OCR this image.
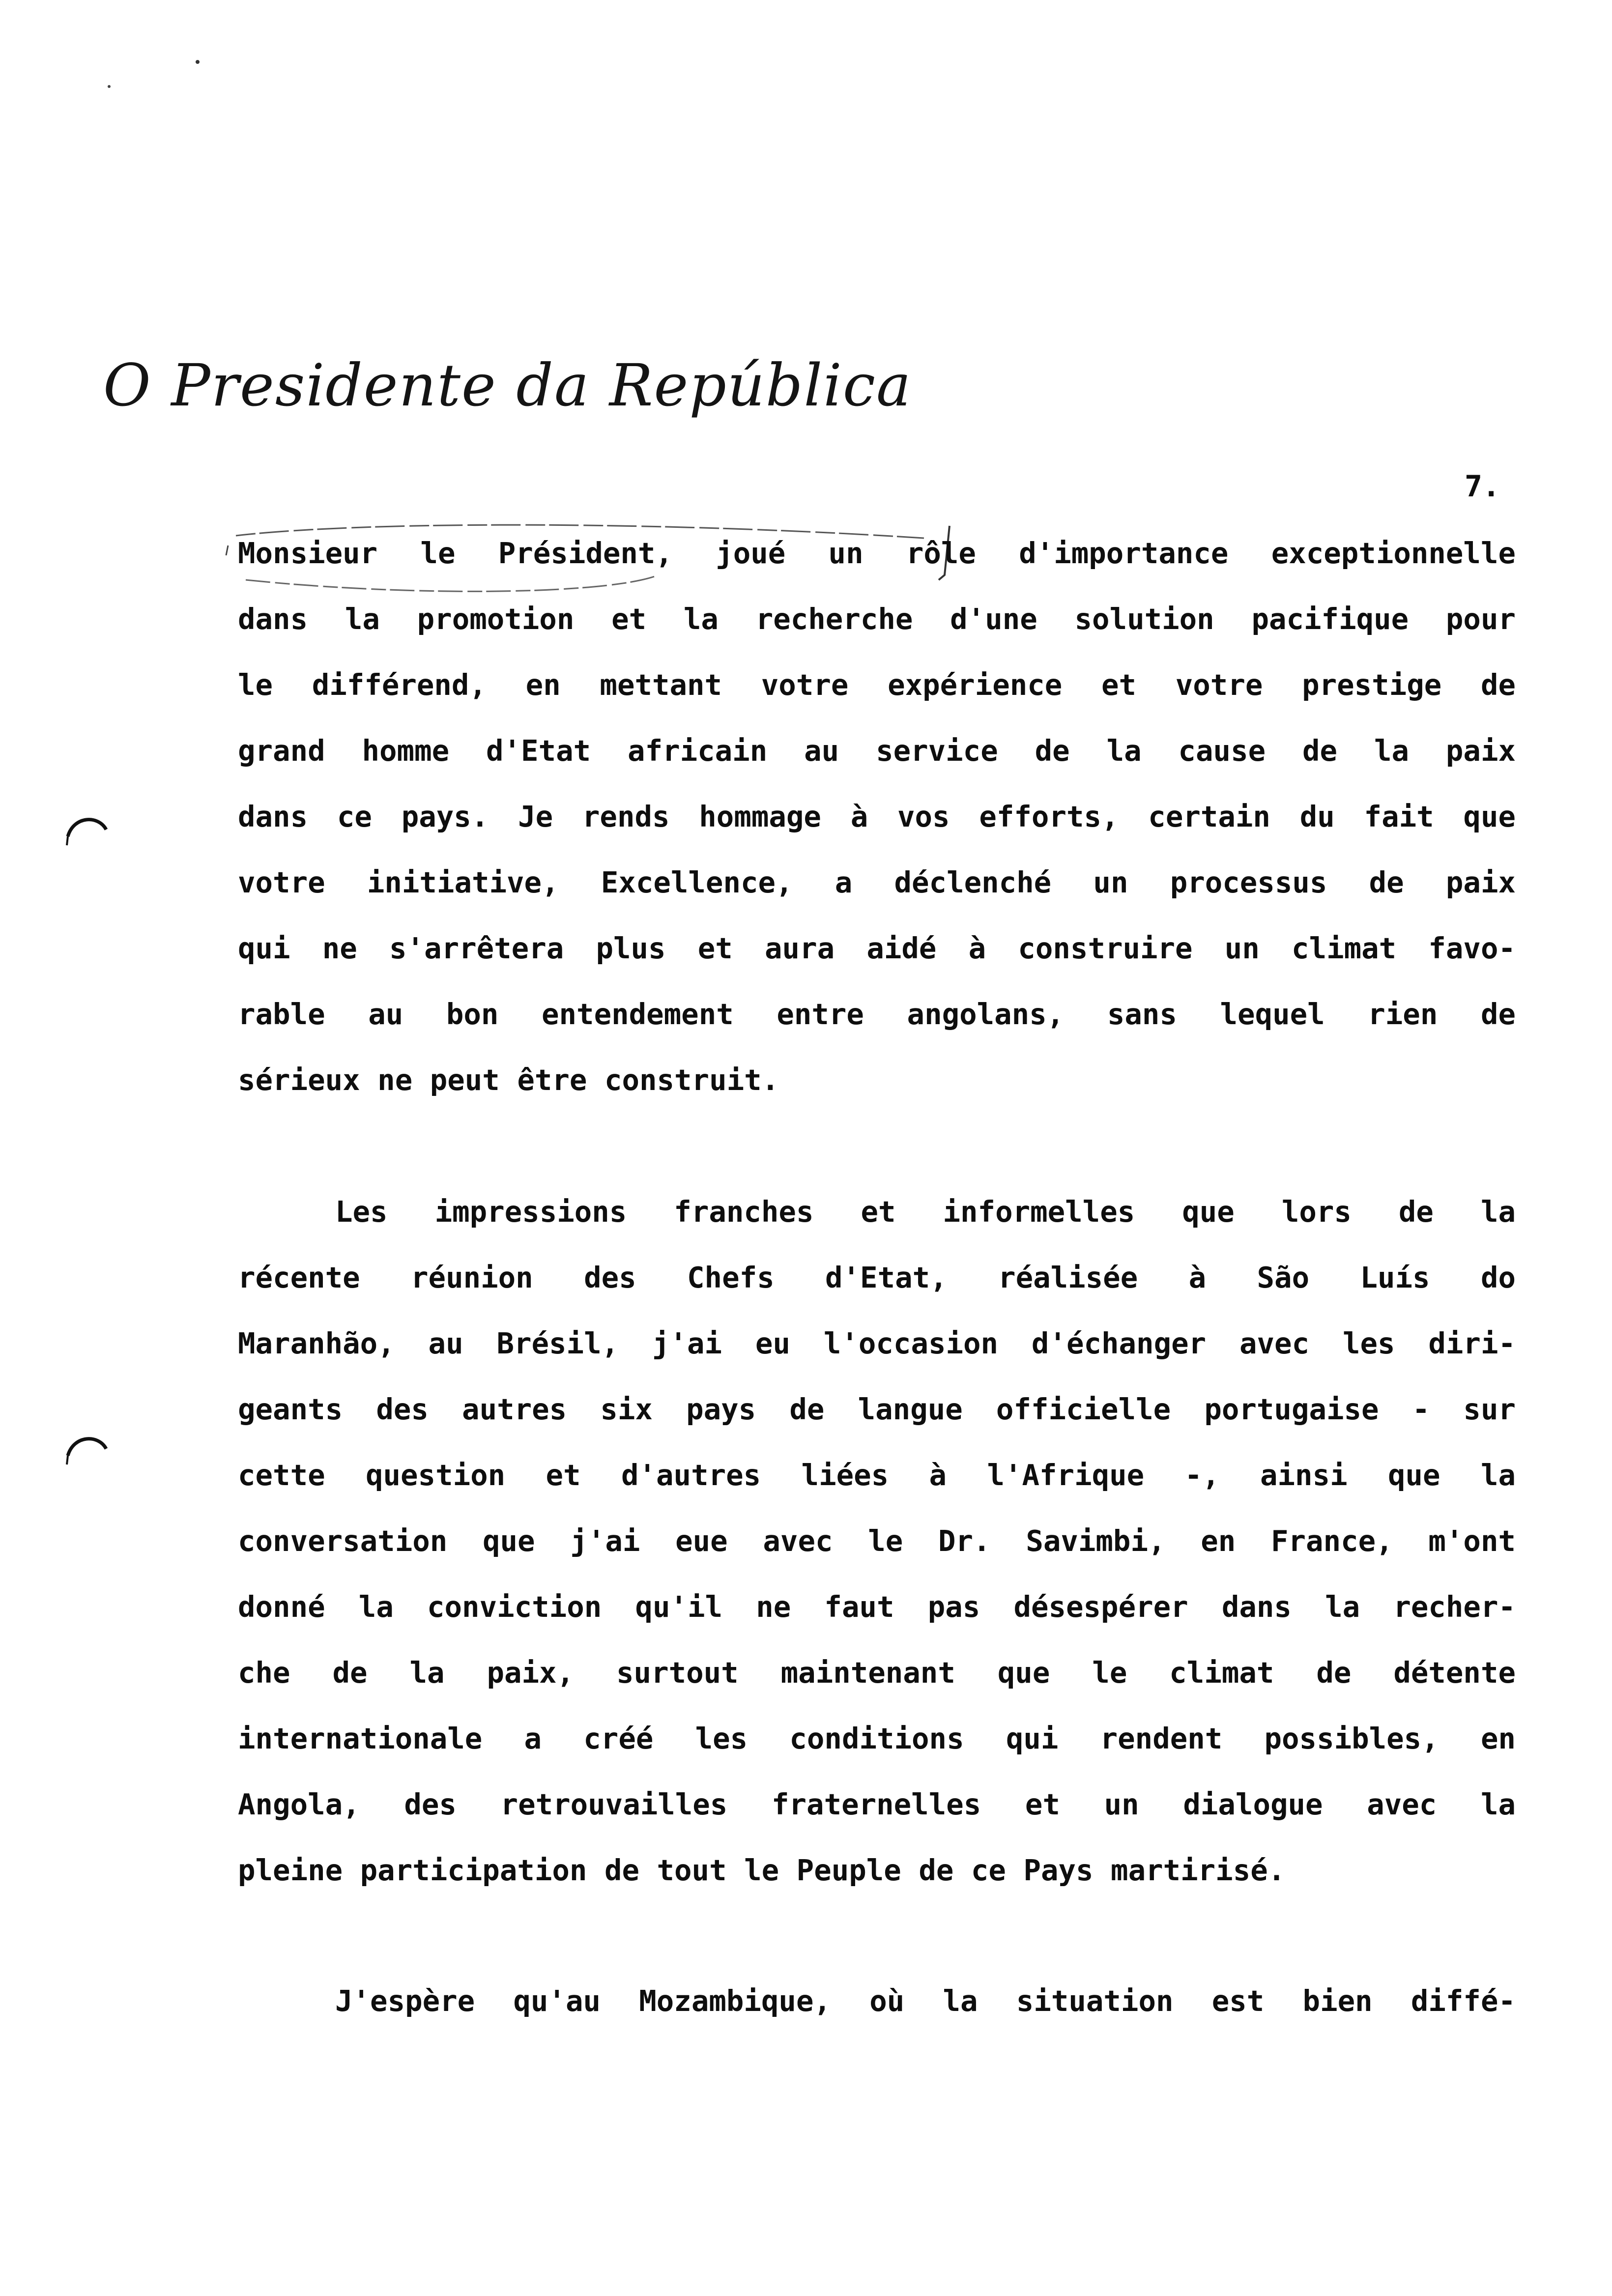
O Presidente da República
7.
Monsieur le Président, joué un rôle d'importance exceptionnelle
dans la promotion et la recherche d'une solution pacifique pour
le différend, en mettant votre expérience et votre prestige de
grand homme d'Etat africain au service de la cause de la paix
dans ce pays. Je rends hommage à vos efforts, certain du fait que
votre initiative, Excellence, a déclenché un processus de paix
qui ne s'arrêtera plus et aura aidé à construire un climat favo-
rable au bon entendement entre angolans, sans lequel rien de
sérieux ne peut être construit.
Les impressions franches et informelles que lors de la
récente réunion des Chefs d'Etat, réalisée à São Luís do
Maranhão, au Brésil, j'ai eu l'occasion d'échanger avec les diri-
geants des autres six pays de langue officielle portugaise - sur
cette question et d'autres liées à l'Afrique -, ainsi que la
conversation que j'ai eue avec le Dr. Savimbi, en France, m'ont
donné la conviction qu'il ne faut pas désespérer dans la recher-
che de la paix, surtout maintenant que le climat de détente
internationale a créé les conditions qui rendent possibles, en
Angola, des retrouvailles fraternelles et un dialogue avec la
pleine participation de tout le Peuple de ce Pays martirisé.
J'espère qu'au Mozambique, où la situation est bien diffé-
